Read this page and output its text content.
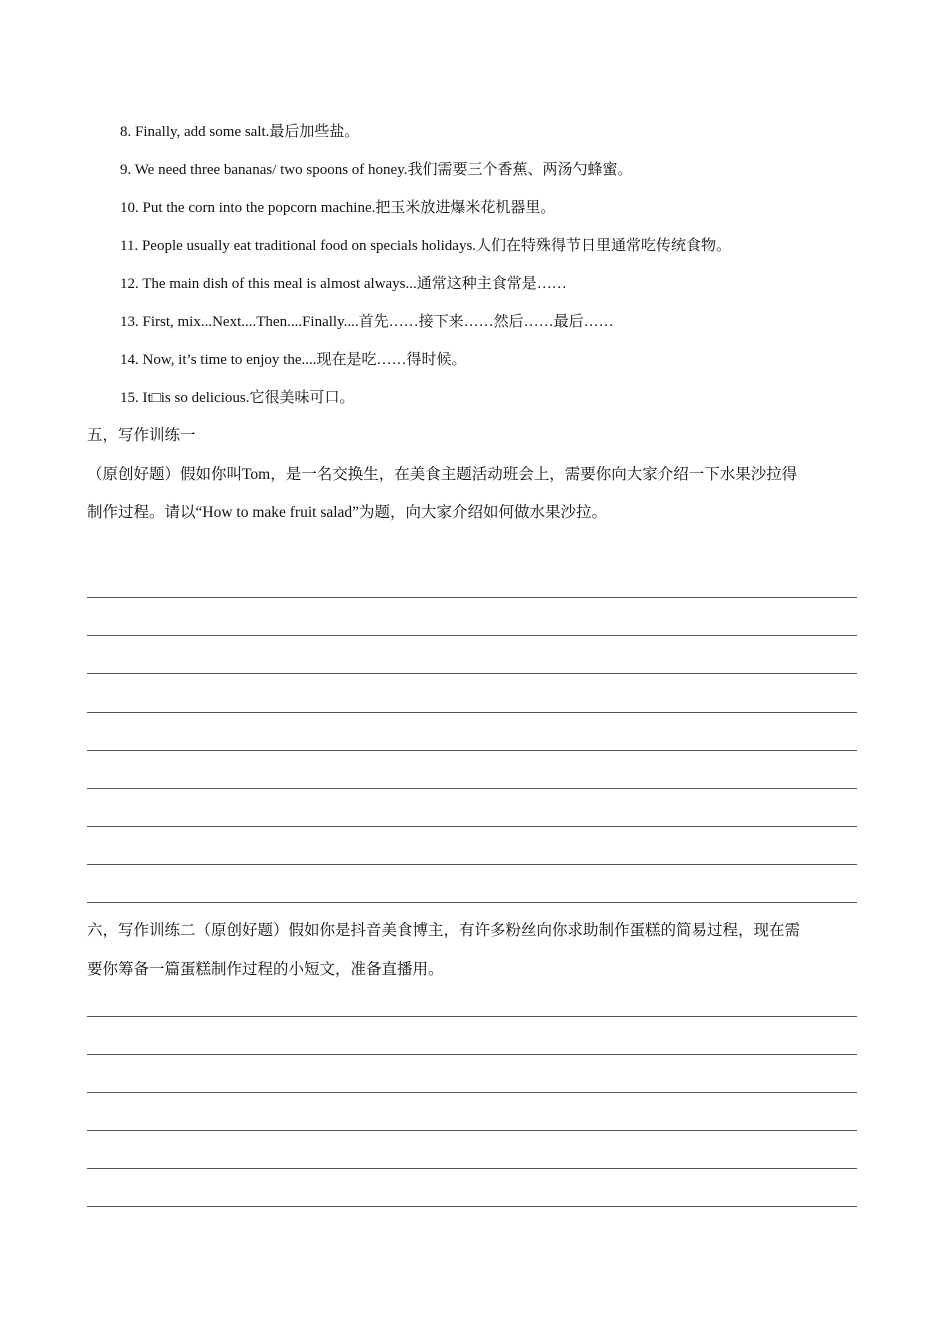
8. Finally, add some salt.最后加些盐。
9. We need three bananas/ two spoons of honey.我们需要三个香蕉、两汤勺蜂蜜。
10. Put the corn into the popcorn machine.把玉米放进爆米花机器里。
11. People usually eat traditional food on specials holidays.人们在特殊得节日里通常吃传统食物。
12. The main dish of this meal is almost always...通常这种主食常是……
13. First, mix...Next....Then....Finally....首先……接下来……然后……最后……
14. Now, it’s time to enjoy the....现在是吃……得时候。
15. It□is so delicious.它很美味可口。
五，写作训练一
（原创好题）假如你叫Tom，是一名交换生，在美食主题活动班会上，需要你向大家介绍一下水果沙拉得
制作过程。请以“How to make fruit salad”为题，向大家介绍如何做水果沙拉。
六，写作训练二（原创好题）假如你是抖音美食博主，有许多粉丝向你求助制作蛋糕的简易过程，现在需
要你筹备一篇蛋糕制作过程的小短文，准备直播用。
